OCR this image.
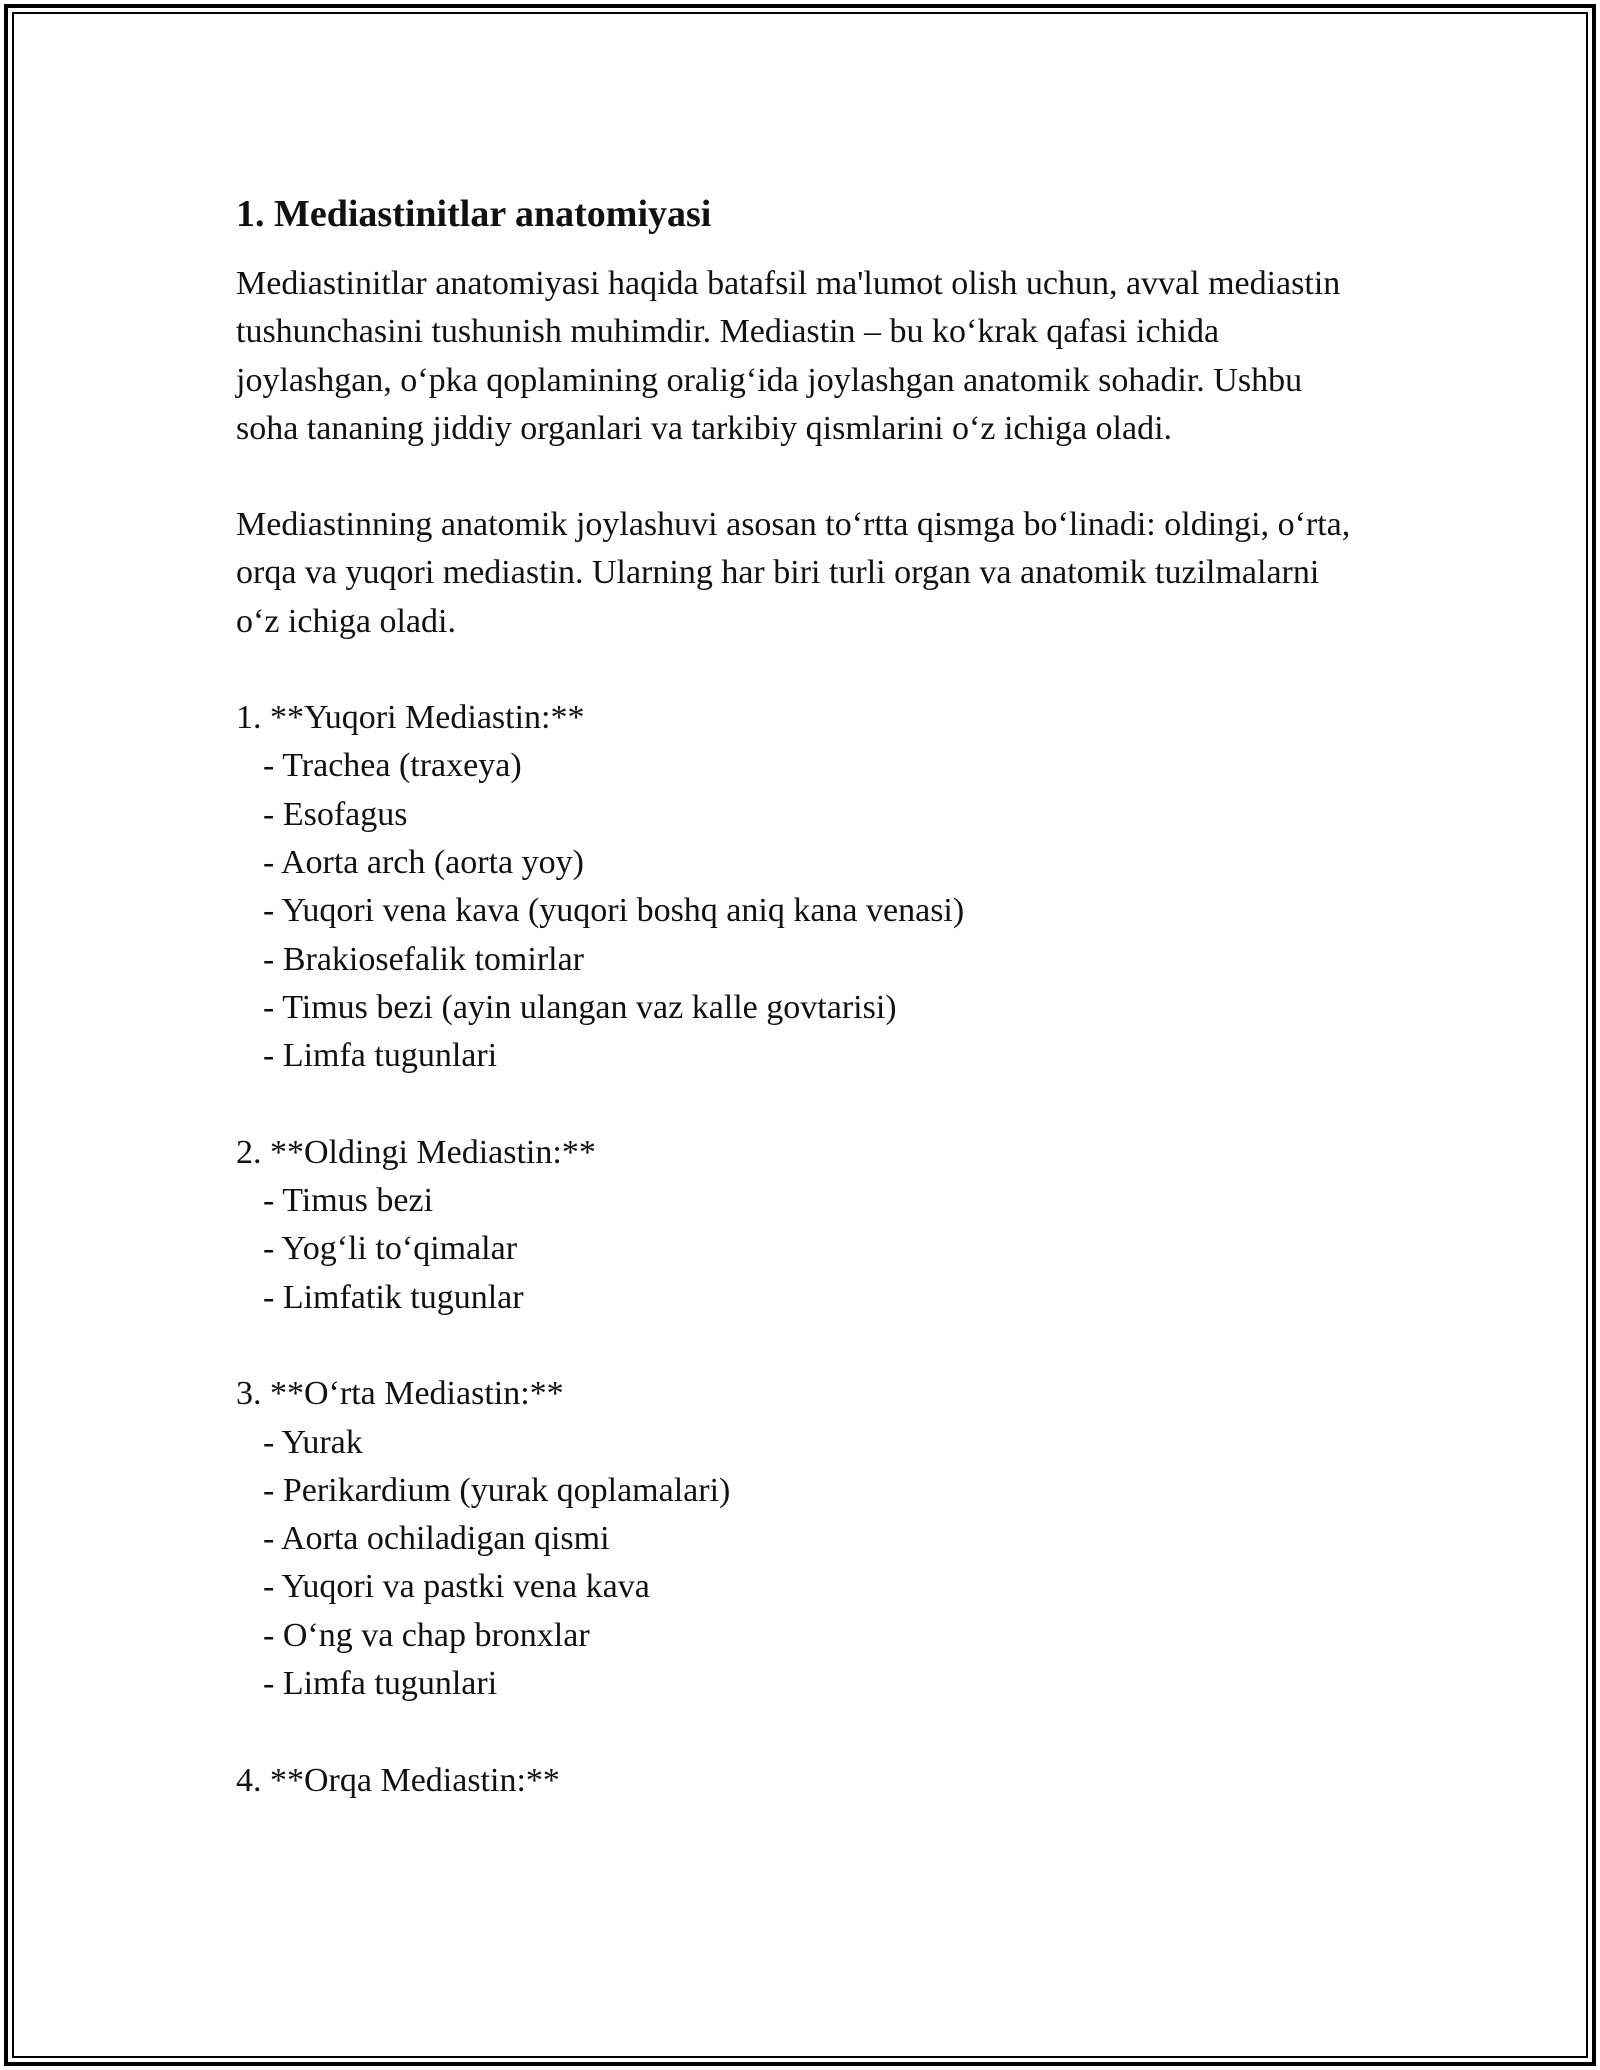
1. Mediastinitlar anatomiyasi

Mediastinitlar anatomiyasi haqida batafsil ma'lumot olish uchun, avval mediastin tushunchasini tushunish muhimdir. Mediastin – bu koʻkrak qafasi ichida joylashgan, oʻpka qoplamining oraligʻida joylashgan anatomik sohadir. Ushbu soha tananing jiddiy organlari va tarkibiy qismlarini oʻz ichiga oladi.

Mediastinning anatomik joylashuvi asosan toʻrtta qismga boʻlinadi: oldingi, oʻrta, orqa va yuqori mediastin. Ularning har biri turli organ va anatomik tuzilmalarni oʻz ichiga oladi.

1. **Yuqori Mediastin:**

- Trachea (traxeya)

- Esofagus

- Aorta arch (aorta yoy)

- Yuqori vena kava (yuqori boshq aniq kana venasi)

- Brakiosefalik tomirlar

- Timus bezi (ayin ulangan vaz kalle govtarisi)

- Limfa tugunlari

2. **Oldingi Mediastin:**

- Timus bezi

- Yogʻli toʻqimalar

- Limfatik tugunlar

3. **Oʻrta Mediastin:**

- Yurak

- Perikardium (yurak qoplamalari)

- Aorta ochiladigan qismi

- Yuqori va pastki vena kava

- Oʻng va chap bronxlar

- Limfa tugunlari

4. **Orqa Mediastin:**
